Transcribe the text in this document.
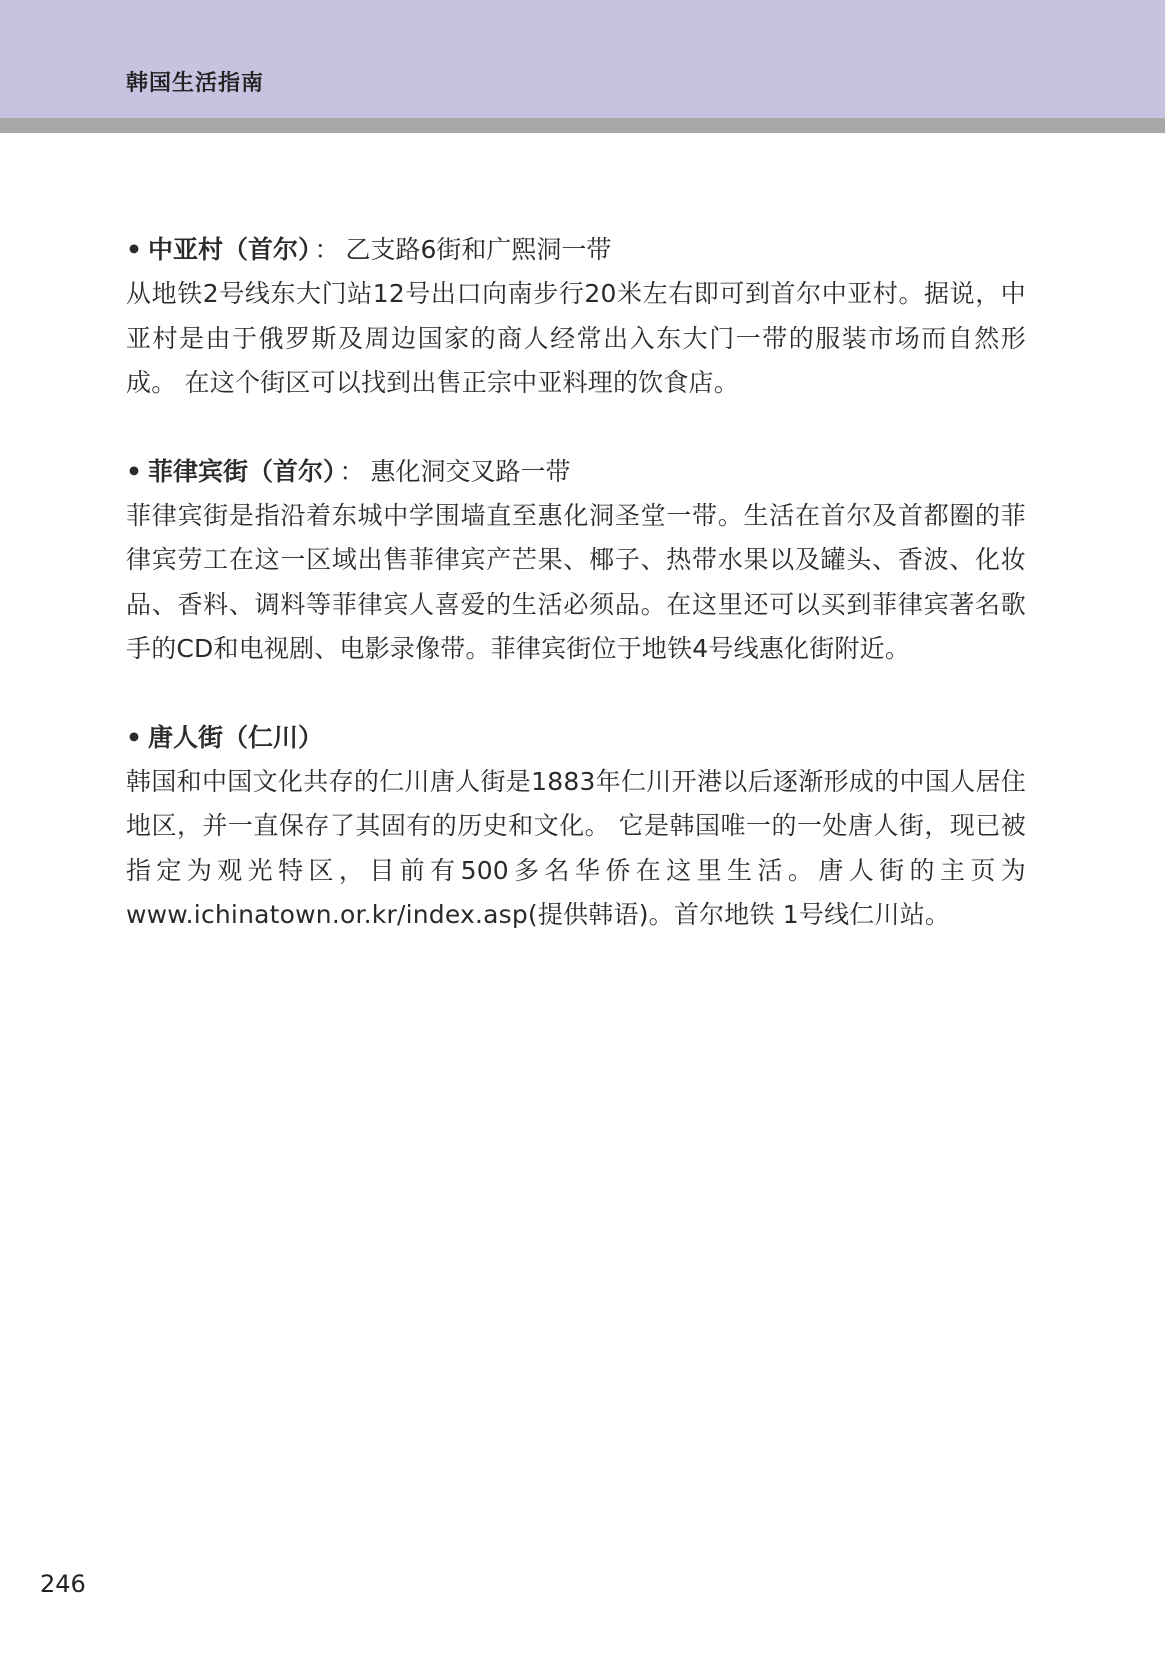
韩国生活指南
• 中亚村（首尔） ： 乙支路6街和广熙洞一带
从地铁2号线东大门站12号出口向南步行20米左右即可到首尔中亚村。据说，中亚村是由于俄罗斯及周边国家的商人经常出入东大门一带的服装市场而自然形成。 在这个街区可以找到出售正宗中亚料理的饮食店。
• 菲律宾街（首尔） ： 惠化洞交叉路一带
菲律宾街是指沿着东城中学围墙直至惠化洞圣堂一带。生活在首尔及首都圈的菲律宾劳工在这一区域出售菲律宾产芒果、椰子、热带水果以及罐头、香波、化妆品、香料、调料等菲律宾人喜爱的生活必须品。在这里还可以买到菲律宾著名歌手的CD和电视剧、电影录像带。菲律宾街位于地铁4号线惠化街附近。
• 唐人街（仁川）
韩国和中国文化共存的仁川唐人街是1883年仁川开港以后逐渐形成的中国人居住地区，并一直保存了其固有的历史和文化。 它是韩国唯一的一处唐人街，现已被指定为观光特区，目前有500多名华侨在这里生活。唐人街的主页为 www.ichinatown.or.kr/index.asp(提供韩语)。首尔地铁 1号线仁川站。
246
